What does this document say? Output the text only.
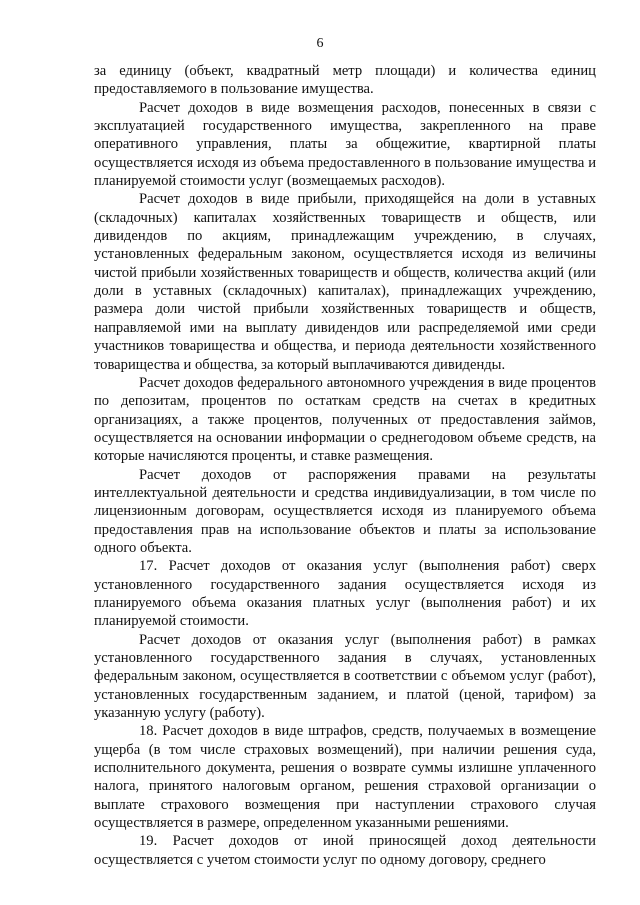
6

за единицу (объект, квадратный метр площади) и количества единиц предоставляемого в пользование имущества.

Расчет доходов в виде возмещения расходов, понесенных в связи с эксплуатацией государственного имущества, закрепленного на праве оперативного управления, платы за общежитие, квартирной платы осуществляется исходя из объема предоставленного в пользование имущества и планируемой стоимости услуг (возмещаемых расходов).

Расчет доходов в виде прибыли, приходящейся на доли в уставных (складочных) капиталах хозяйственных товариществ и обществ, или дивидендов по акциям, принадлежащим учреждению, в случаях, установленных федеральным законом, осуществляется исходя из величины чистой прибыли хозяйственных товариществ и обществ, количества акций (или доли в уставных (складочных) капиталах), принадлежащих учреждению, размера доли чистой прибыли хозяйственных товариществ и обществ, направляемой ими на выплату дивидендов или распределяемой ими среди участников товарищества и общества, и периода деятельности хозяйственного товарищества и общества, за который выплачиваются дивиденды.

Расчет доходов федерального автономного учреждения в виде процентов по депозитам, процентов по остаткам средств на счетах в кредитных организациях, а также процентов, полученных от предоставления займов, осуществляется на основании информации о среднегодовом объеме средств, на которые начисляются проценты, и ставке размещения.

Расчет доходов от распоряжения правами на результаты интеллектуальной деятельности и средства индивидуализации, в том числе по лицензионным договорам, осуществляется исходя из планируемого объема предоставления прав на использование объектов и платы за использование одного объекта.

17. Расчет доходов от оказания услуг (выполнения работ) сверх установленного государственного задания осуществляется исходя из планируемого объема оказания платных услуг (выполнения работ) и их планируемой стоимости.

Расчет доходов от оказания услуг (выполнения работ) в рамках установленного государственного задания в случаях, установленных федеральным законом, осуществляется в соответствии с объемом услуг (работ), установленных государственным заданием, и платой (ценой, тарифом) за указанную услугу (работу).

18. Расчет доходов в виде штрафов, средств, получаемых в возмещение ущерба (в том числе страховых возмещений), при наличии решения суда, исполнительного документа, решения о возврате суммы излишне уплаченного налога, принятого налоговым органом, решения страховой организации о выплате страхового возмещения при наступлении страхового случая осуществляется в размере, определенном указанными решениями.

19. Расчет доходов от иной приносящей доход деятельности осуществляется с учетом стоимости услуг по одному договору, среднего
